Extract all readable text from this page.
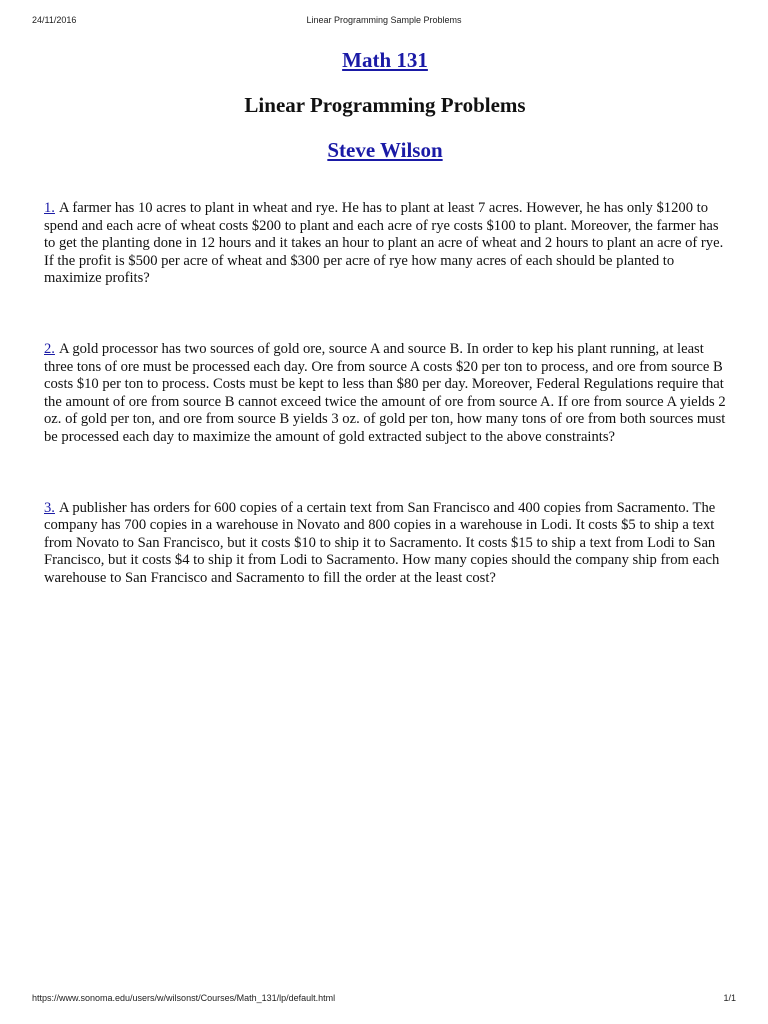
24/11/2016	Linear Programming Sample Problems
Math 131
Linear Programming Problems
Steve Wilson

1. A farmer has 10 acres to plant in wheat and rye. He has to plant at least 7 acres. However, he has only $1200 to spend and each acre of wheat costs $200 to plant and each acre of rye costs $100 to plant. Moreover, the farmer has to get the planting done in 12 hours and it takes an hour to plant an acre of wheat and 2 hours to plant an acre of rye. If the profit is $500 per acre of wheat and $300 per acre of rye how many acres of each should be planted to maximize profits?

2. A gold processor has two sources of gold ore, source A and source B. In order to kep his plant running, at least three tons of ore must be processed each day. Ore from source A costs $20 per ton to process, and ore from source B costs $10 per ton to process. Costs must be kept to less than $80 per day. Moreover, Federal Regulations require that the amount of ore from source B cannot exceed twice the amount of ore from source A. If ore from source A yields 2 oz. of gold per ton, and ore from source B yields 3 oz. of gold per ton, how many tons of ore from both sources must be processed each day to maximize the amount of gold extracted subject to the above constraints?

3. A publisher has orders for 600 copies of a certain text from San Francisco and 400 copies from Sacramento. The company has 700 copies in a warehouse in Novato and 800 copies in a warehouse in Lodi. It costs $5 to ship a text from Novato to San Francisco, but it costs $10 to ship it to Sacramento. It costs $15 to ship a text from Lodi to San Francisco, but it costs $4 to ship it from Lodi to Sacramento. How many copies should the company ship from each warehouse to San Francisco and Sacramento to fill the order at the least cost?

https://www.sonoma.edu/users/w/wilsonst/Courses/Math_131/lp/default.html	1/1
